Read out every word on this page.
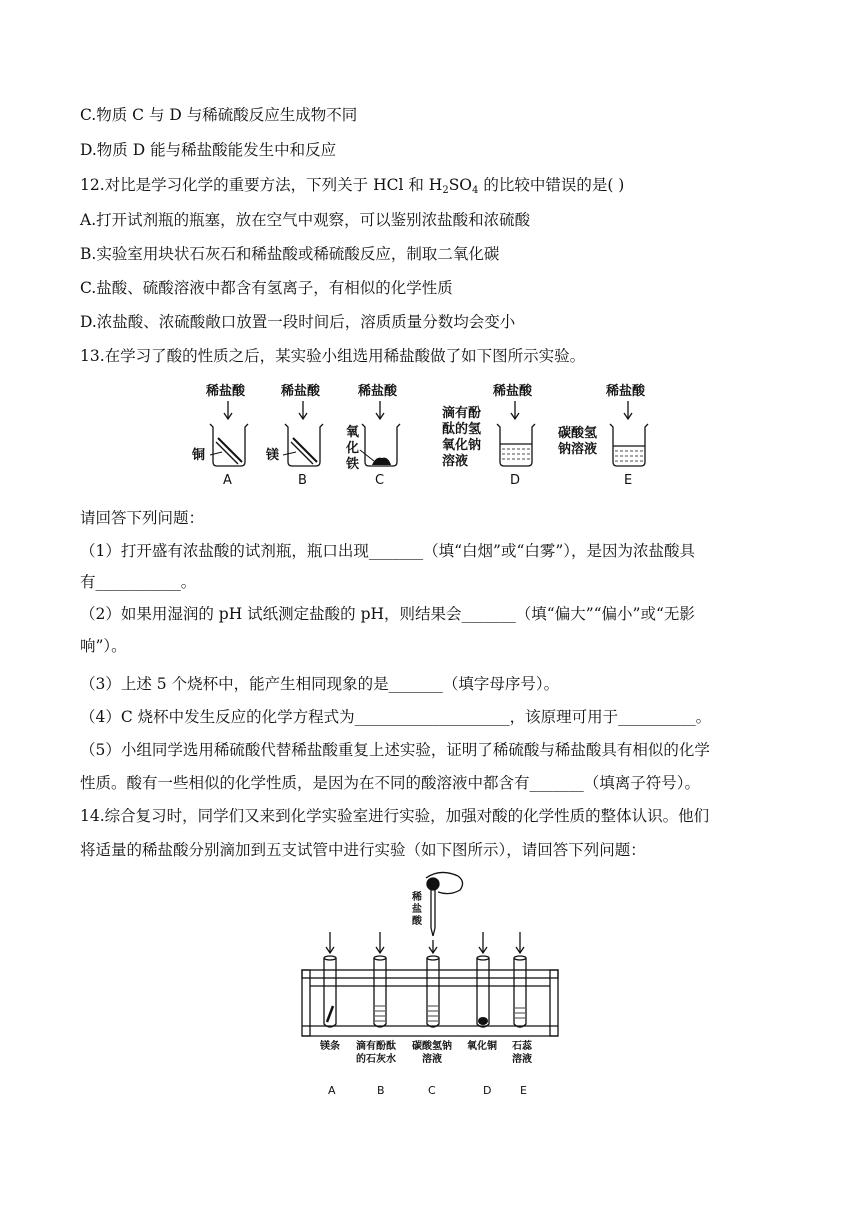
C.物质 C 与 D 与稀硫酸反应生成物不同
D.物质 D 能与稀盐酸能发生中和反应
12.对比是学习化学的重要方法，下列关于 HCl 和 $H_2SO_4$ 的比较中错误的是( )
A.打开试剂瓶的瓶塞，放在空气中观察，可以鉴别浓盐酸和浓硫酸
B.实验室用块状石灰石和稀盐酸或稀硫酸反应，制取二氧化碳
C.盐酸、硫酸溶液中都含有氢离子，有相似的化学性质
D.浓盐酸、浓硫酸敞口放置一段时间后，溶质质量分数均会变小
13.在学习了酸的性质之后，某实验小组选用稀盐酸做了如下图所示实验。
稀盐酸	稀盐酸	稀盐酸	稀盐酸	稀盐酸
铜	镁
氧
化
铁
滴有酚
酞的氢
氧化钠
溶液
碳酸氢
钠溶液
A	B	C	D	E
请回答下列问题：
（1）打开盛有浓盐酸的试剂瓶，瓶口出现_______（填“白烟”或“白雾”），是因为浓盐酸具
有___________。
（2）如果用湿润的 pH 试纸测定盐酸的 pH，则结果会_______（填“偏大”“偏小”或“无影
响”）。
（3）上述 5 个烧杯中，能产生相同现象的是_______（填字母序号）。
（4）C 烧杯中发生反应的化学方程式为____________________，该原理可用于__________。
（5）小组同学选用稀硫酸代替稀盐酸重复上述实验，证明了稀硫酸与稀盐酸具有相似的化学
性质。酸有一些相似的化学性质，是因为在不同的酸溶液中都含有_______（填离子符号）。
14.综合复习时，同学们又来到化学实验室进行实验，加强对酸的化学性质的整体认识。他们
将适量的稀盐酸分别滴加到五支试管中进行实验（如下图所示），请回答下列问题：
稀
盐
酸
镁条 滴有酚酞
的石灰水
碳酸氢钠
溶液
氧化铜 石蕊
溶液
A	B	C	D	E
